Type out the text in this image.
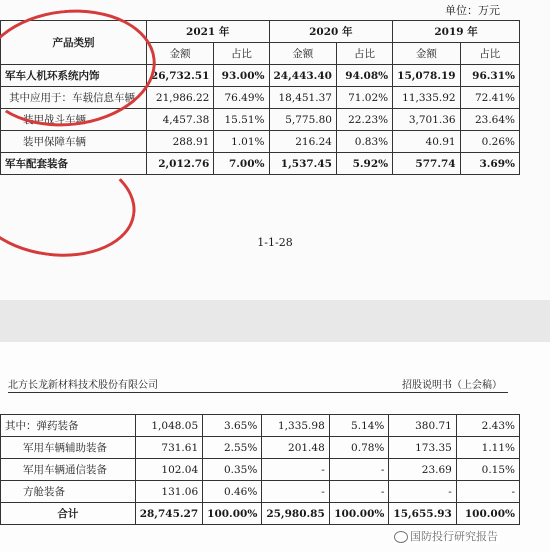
单位：万元
产品类别	2021 年		2020 年		2019 年	
	金额	占比	金额	占比	金额	占比
军车人机环系统内饰	26,732.51	93.00%	24,443.40	94.08%	15,078.19	96.31%
其中应用于：车载信息车辆	21,986.22	76.49%	18,451.37	71.02%	11,335.92	72.41%
装甲战斗车辆	4,457.38	15.51%	5,775.80	22.23%	3,701.36	23.64%
装甲保障车辆	288.91	1.01%	216.24	0.83%	40.91	0.26%
军车配套装备	2,012.76	7.00%	1,537.45	5.92%	577.74	3.69%
1-1-28
北方长龙新材料技术股份有限公司	招股说明书（上会稿）
其中：弹药装备	1,048.05	3.65%	1,335.98	5.14%	380.71	2.43%
军用车辆辅助装备	731.61	2.55%	201.48	0.78%	173.35	1.11%
军用车辆通信装备	102.04	0.35%	-	-	23.69	0.15%
方舱装备	131.06	0.46%	-	-	-	-
合计	28,745.27	100.00%	25,980.85	100.00%	15,655.93	100.00%
国防投行研究报告
